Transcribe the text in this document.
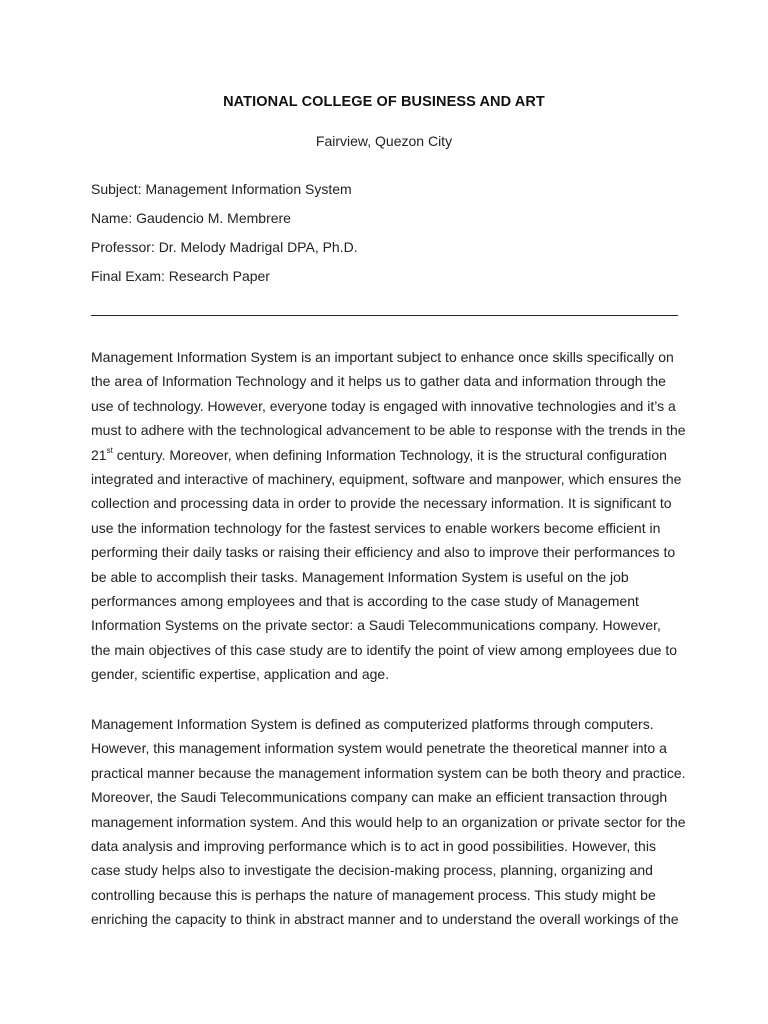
NATIONAL COLLEGE OF BUSINESS AND ART
Fairview, Quezon City
Subject: Management Information System
Name: Gaudencio M. Membrere
Professor: Dr. Melody Madrigal DPA, Ph.D.
Final Exam: Research Paper
Management Information System is an important subject to enhance once skills specifically on
the area of Information Technology and it helps us to gather data and information through the
use of technology. However, everyone today is engaged with innovative technologies and it’s a
must to adhere with the technological advancement to be able to response with the trends in the
21st century. Moreover, when defining Information Technology, it is the structural configuration
integrated and interactive of machinery, equipment, software and manpower, which ensures the
collection and processing data in order to provide the necessary information. It is significant to
use the information technology for the fastest services to enable workers become efficient in
performing their daily tasks or raising their efficiency and also to improve their performances to
be able to accomplish their tasks. Management Information System is useful on the job
performances among employees and that is according to the case study of Management
Information Systems on the private sector: a Saudi Telecommunications company. However,
the main objectives of this case study are to identify the point of view among employees due to
gender, scientific expertise, application and age.
Management Information System is defined as computerized platforms through computers.
However, this management information system would penetrate the theoretical manner into a
practical manner because the management information system can be both theory and practice.
Moreover, the Saudi Telecommunications company can make an efficient transaction through
management information system. And this would help to an organization or private sector for the
data analysis and improving performance which is to act in good possibilities. However, this
case study helps also to investigate the decision-making process, planning, organizing and
controlling because this is perhaps the nature of management process. This study might be
enriching the capacity to think in abstract manner and to understand the overall workings of the
